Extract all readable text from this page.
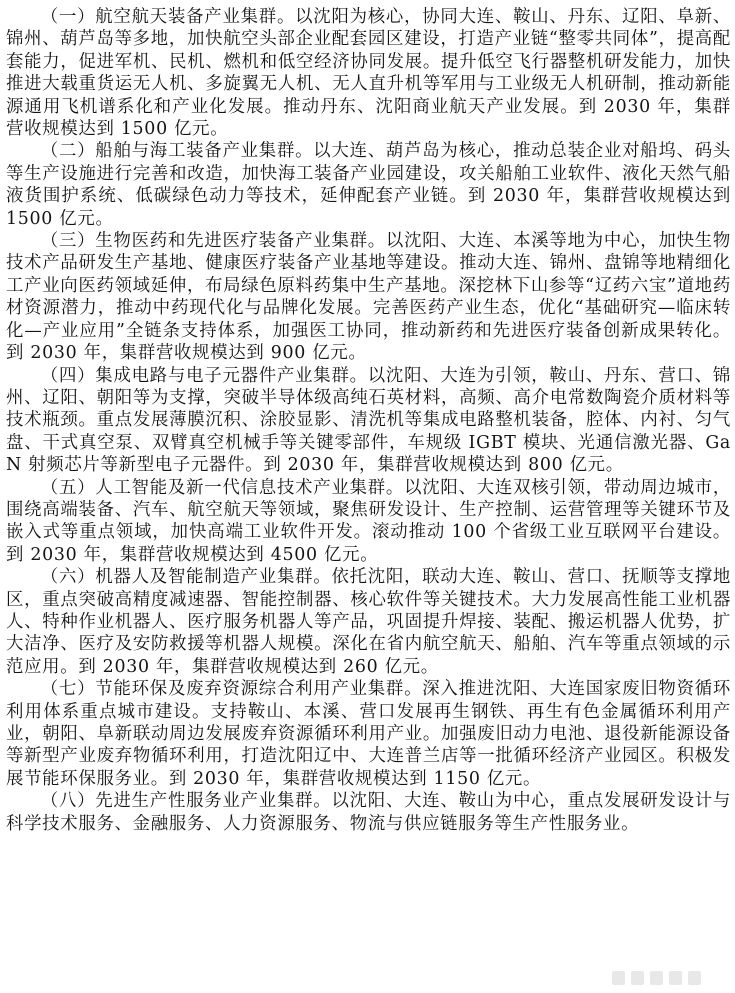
（一）航空航天装备产业集群。以沈阳为核心，协同大连、鞍山、丹东、辽阳、阜新、锦州、葫芦岛等多地，加快航空头部企业配套园区建设，打造产业链“整零共同体”，提高配套能力，促进军机、民机、燃机和低空经济协同发展。提升低空飞行器整机研发能力，加快推进大载重货运无人机、多旋翼无人机、无人直升机等军用与工业级无人机研制，推动新能源通用飞机谱系化和产业化发展。推动丹东、沈阳商业航天产业发展。到 2030 年，集群营收规模达到 1500 亿元。

（二）船舶与海工装备产业集群。以大连、葫芦岛为核心，推动总装企业对船坞、码头等生产设施进行完善和改造，加快海工装备产业园建设，攻关船舶工业软件、液化天然气船液货围护系统、低碳绿色动力等技术，延伸配套产业链。到 2030 年，集群营收规模达到 1500 亿元。

（三）生物医药和先进医疗装备产业集群。以沈阳、大连、本溪等地为中心，加快生物技术产品研发生产基地、健康医疗装备产业基地等建设。推动大连、锦州、盘锦等地精细化工产业向医药领域延伸，布局绿色原料药集中生产基地。深挖林下山参等“辽药六宝”道地药材资源潜力，推动中药现代化与品牌化发展。完善医药产业生态，优化“基础研究—临床转化—产业应用”全链条支持体系，加强医工协同，推动新药和先进医疗装备创新成果转化。到 2030 年，集群营收规模达到 900 亿元。

（四）集成电路与电子元器件产业集群。以沈阳、大连为引领，鞍山、丹东、营口、锦州、辽阳、朝阳等为支撑，突破半导体级高纯石英材料，高频、高介电常数陶瓷介质材料等技术瓶颈。重点发展薄膜沉积、涂胶显影、清洗机等集成电路整机装备，腔体、内衬、匀气盘、干式真空泵、双臂真空机械手等关键零部件，车规级 IGBT 模块、光通信激光器、GaN 射频芯片等新型电子元器件。到 2030 年，集群营收规模达到 800 亿元。

（五）人工智能及新一代信息技术产业集群。以沈阳、大连双核引领，带动周边城市，围绕高端装备、汽车、航空航天等领域，聚焦研发设计、生产控制、运营管理等关键环节及嵌入式等重点领域，加快高端工业软件开发。滚动推动 100 个省级工业互联网平台建设。到 2030 年，集群营收规模达到 4500 亿元。

（六）机器人及智能制造产业集群。依托沈阳，联动大连、鞍山、营口、抚顺等支撑地区，重点突破高精度减速器、智能控制器、核心软件等关键技术。大力发展高性能工业机器人、特种作业机器人、医疗服务机器人等产品，巩固提升焊接、装配、搬运机器人优势，扩大洁净、医疗及安防救援等机器人规模。深化在省内航空航天、船舶、汽车等重点领域的示范应用。到 2030 年，集群营收规模达到 260 亿元。

（七）节能环保及废弃资源综合利用产业集群。深入推进沈阳、大连国家废旧物资循环利用体系重点城市建设。支持鞍山、本溪、营口发展再生钢铁、再生有色金属循环利用产业，朝阳、阜新联动周边发展废弃资源循环利用产业。加强废旧动力电池、退役新能源设备等新型产业废弃物循环利用，打造沈阳辽中、大连普兰店等一批循环经济产业园区。积极发展节能环保服务业。到 2030 年，集群营收规模达到 1150 亿元。

（八）先进生产性服务业产业集群。以沈阳、大连、鞍山为中心，重点发展研发设计与科学技术服务、金融服务、人力资源服务、物流与供应链服务等生产性服务业。
